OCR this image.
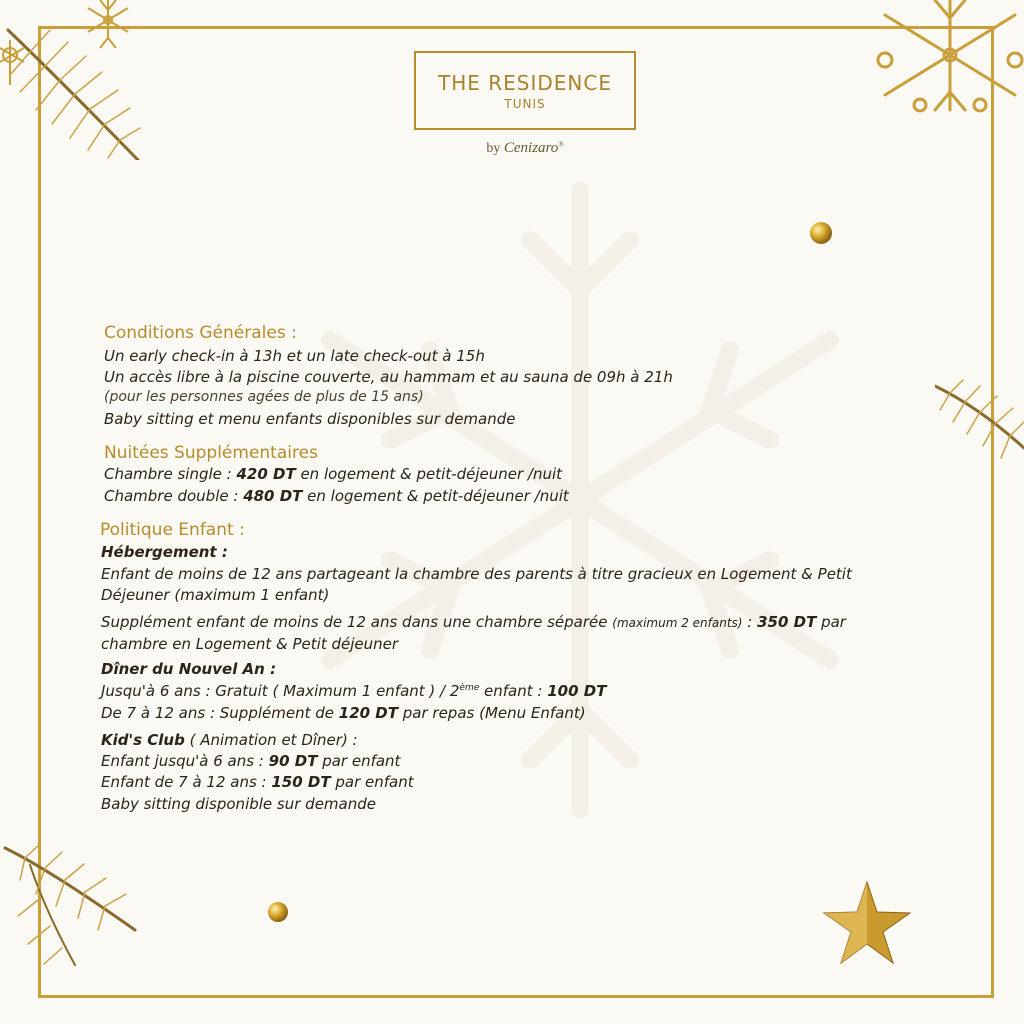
THE RESIDENCE
TUNIS
by Cenizaro®
Conditions Générales :
Un early check-in à 13h et un late check-out à 15h
Un accès libre à la piscine couverte, au hammam et au sauna de 09h à 21h
(pour les personnes agées de plus de 15 ans)
Baby sitting et menu enfants disponibles sur demande
Nuitées Supplémentaires
Chambre single : 420 DT en logement & petit-déjeuner /nuit
Chambre double : 480 DT en logement & petit-déjeuner /nuit
Politique Enfant :
Hébergement :
Enfant de moins de 12 ans partageant la chambre des parents à titre gracieux en Logement & Petit
Déjeuner (maximum 1 enfant)
Supplément enfant de moins de 12 ans dans une chambre séparée (maximum 2 enfants) : 350 DT par
chambre en Logement & Petit déjeuner
Dîner du Nouvel An :
Jusqu'à 6 ans : Gratuit ( Maximum 1 enfant ) / 2ème enfant : 100 DT
De 7 à 12 ans : Supplément de 120 DT par repas (Menu Enfant)
Kid's Club ( Animation et Dîner) :
Enfant jusqu'à 6 ans : 90 DT par enfant
Enfant de 7 à 12 ans : 150 DT par enfant
Baby sitting disponible sur demande
